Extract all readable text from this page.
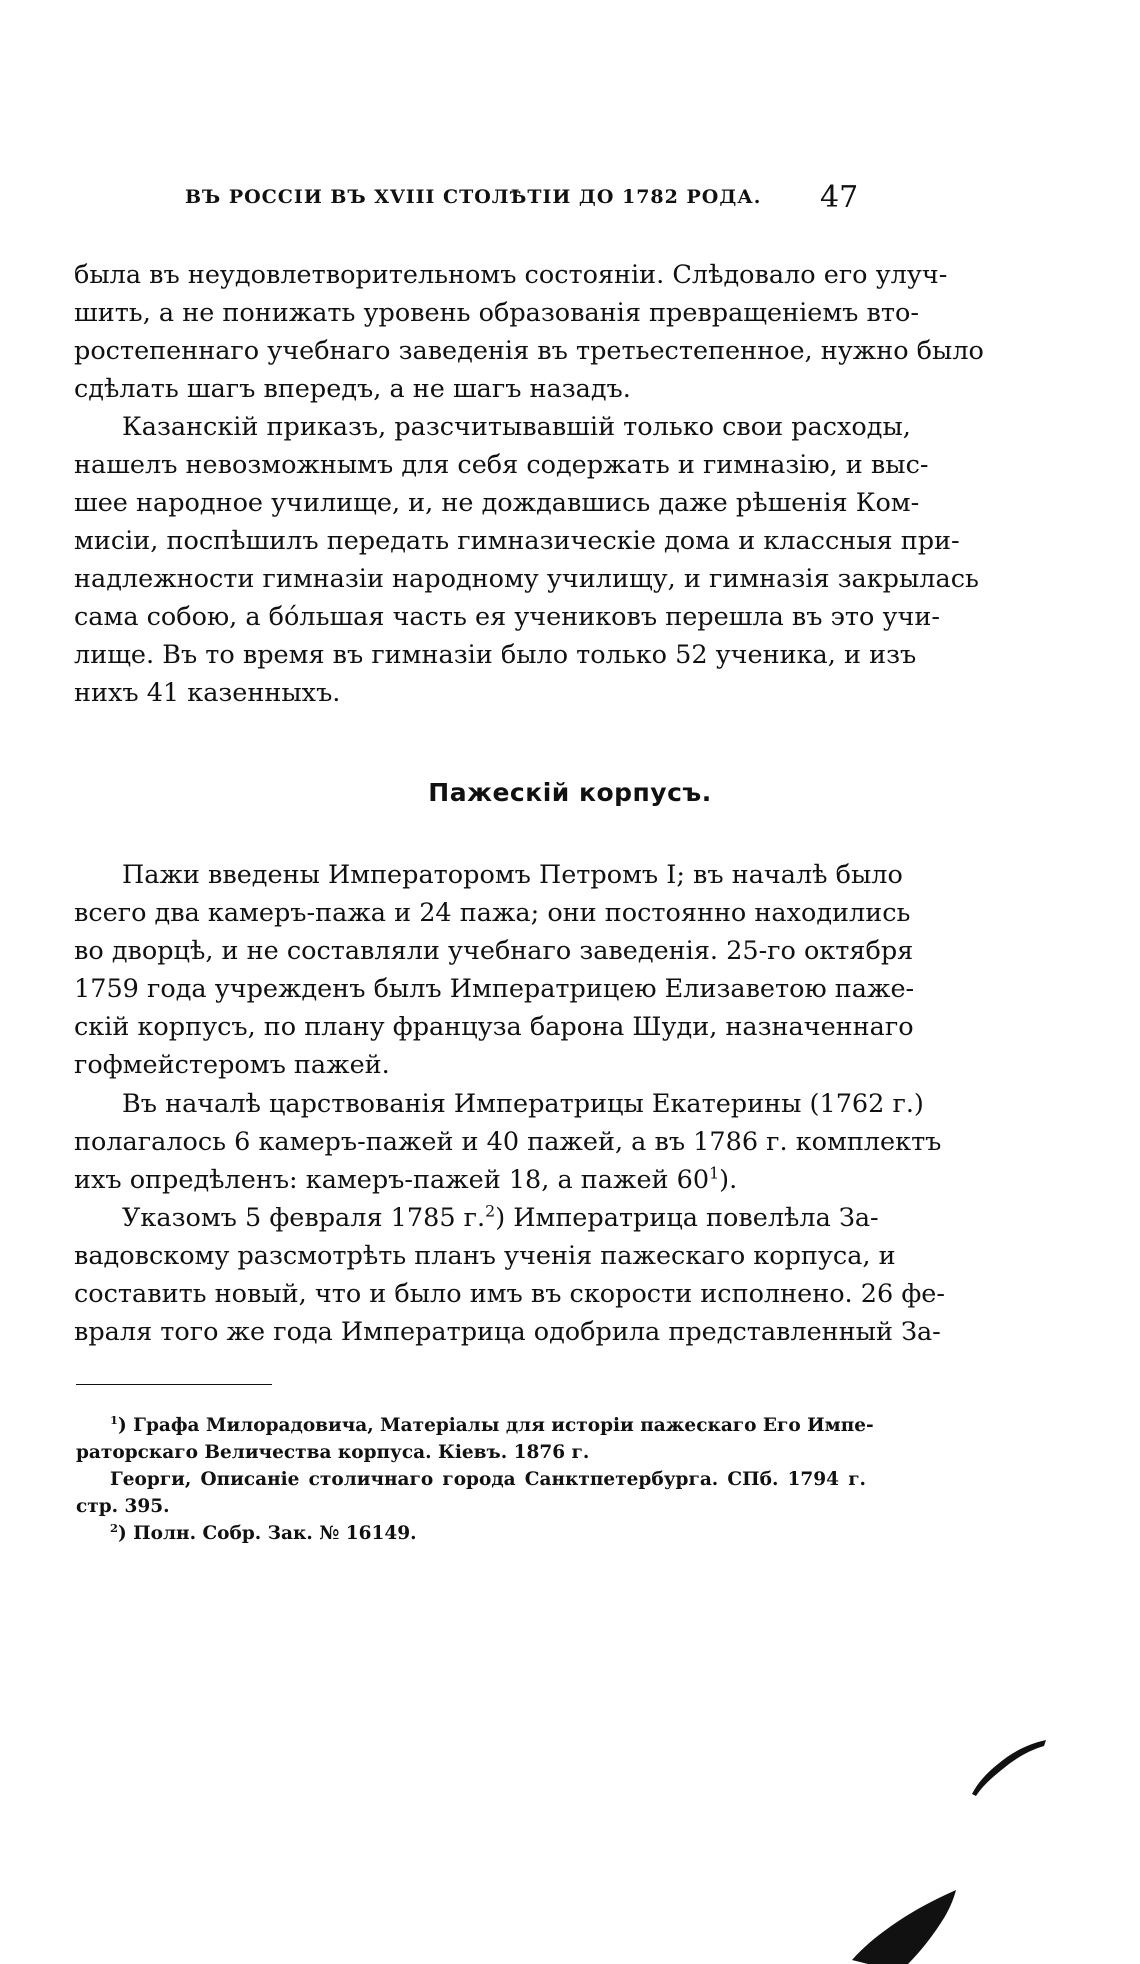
ВЪ РОССІИ ВЪ XVIII СТОЛѢТІИ ДО 1782 РОДА. 47
была въ неудовлетворительномъ состояніи. Слѣдовало его улуч-
шить, а не понижать уровень образованія превращеніемъ вто-
ростепеннаго учебнаго заведенія въ третьестепенное, нужно было
сдѣлать шагъ впередъ, а не шагъ назадъ.
Казанскій приказъ, разсчитывавшій только свои расходы,
нашелъ невозможнымъ для себя содержать и гимназію, и выс-
шее народное училище, и, не дождавшись даже рѣшенія Ком-
мисіи, поспѣшилъ передать гимназическіе дома и классныя при-
надлежности гимназіи народному училищу, и гимназія закрылась
сама собою, а бо́льшая часть ея учениковъ перешла въ это учи-
лище. Въ то время въ гимназіи было только 52 ученика, и изъ
нихъ 41 казенныхъ.
Пажескій корпусъ.
Пажи введены Императоромъ Петромъ I; въ началѣ было
всего два камеръ-пажа и 24 пажа; они постоянно находились
во дворцѣ, и не составляли учебнаго заведенія. 25-го октября
1759 года учрежденъ былъ Императрицею Елизаветою паже-
скій корпусъ, по плану француза барона Шуди, назначеннаго
гофмейстеромъ пажей.
Въ началѣ царствованія Императрицы Екатерины (1762 г.)
полагалось 6 камеръ-пажей и 40 пажей, а въ 1786 г. комплектъ
ихъ опредѣленъ: камеръ-пажей 18, а пажей $60^1$).
Указомъ 5 февраля 1785 г.$^2$) Императрица повелѣла За-
вадовскому разсмотрѣть планъ ученія пажескаго корпуса, и
составить новый, что и было имъ въ скорости исполнено. 26 фе-
враля того же года Императрица одобрила представленный За-
$^1$) Графа Милорадовича, Матеріалы для исторіи пажескаго Его Импе-
раторскаго Величества корпуса. Кіевъ. 1876 г.
Георги, Описаніе столичнаго города Санктпетербурга. СПб. 1794 г.
стр. 395.
$^2$) Полн. Собр. Зак. № 16149.
